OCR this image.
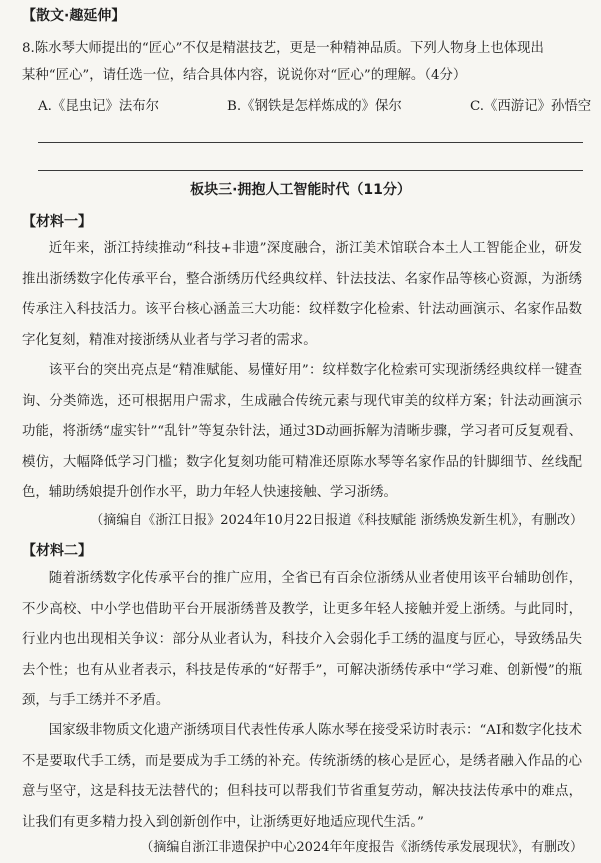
【散文·趣延伸】

8.陈水琴大师提出的“匠心”不仅是精湛技艺，更是一种精神品质。下列人物身上也体现出

某种“匠心”，请任选一位，结合具体内容，说说你对“匠心”的理解。（4分）

A.《昆虫记》法布尔	B.《钢铁是怎样炼成的》保尔	C.《西游记》孙悟空
板块三·拥抱人工智能时代（11分）
【材料一】

近年来，浙江持续推动“科技+非遗”深度融合，浙江美术馆联合本土人工智能企业，研发推出浙绣数字化传承平台，整合浙绣历代经典纹样、针法技法、名家作品等核心资源，为浙绣传承注入科技活力。该平台核心涵盖三大功能：纹样数字化检索、针法动画演示、名家作品数字化复刻，精准对接浙绣从业者与学习者的需求。

该平台的突出亮点是“精准赋能、易懂好用”：纹样数字化检索可实现浙绣经典纹样一键查询、分类筛选，还可根据用户需求，生成融合传统元素与现代审美的纹样方案；针法动画演示功能，将浙绣“虚实针”“乱针”等复杂针法，通过3D动画拆解为清晰步骤，学习者可反复观看、模仿，大幅降低学习门槛；数字化复刻功能可精准还原陈水琴等名家作品的针脚细节、丝线配色，辅助绣娘提升创作水平，助力年轻人快速接触、学习浙绣。

（摘编自《浙江日报》2024年10月22日报道《科技赋能 浙绣焕发新生机》，有删改）
【材料二】

随着浙绣数字化传承平台的推广应用，全省已有百余位浙绣从业者使用该平台辅助创作，不少高校、中小学也借助平台开展浙绣普及教学，让更多年轻人接触并爱上浙绣。与此同时，行业内也出现相关争议：部分从业者认为，科技介入会弱化手工绣的温度与匠心，导致绣品失去个性；也有从业者表示，科技是传承的“好帮手”，可解决浙绣传承中“学习难、创新慢”的瓶颈，与手工绣并不矛盾。

国家级非物质文化遗产浙绣项目代表性传承人陈水琴在接受采访时表示：“AI和数字化技术不是要取代手工绣，而是要成为手工绣的补充。传统浙绣的核心是匠心，是绣者融入作品的心意与坚守，这是科技无法替代的；但科技可以帮我们节省重复劳动，解决技法传承中的难点，让我们有更多精力投入到创新创作中，让浙绣更好地适应现代生活。”

（摘编自浙江非遗保护中心2024年年度报告《浙绣传承发展现状》，有删改）
